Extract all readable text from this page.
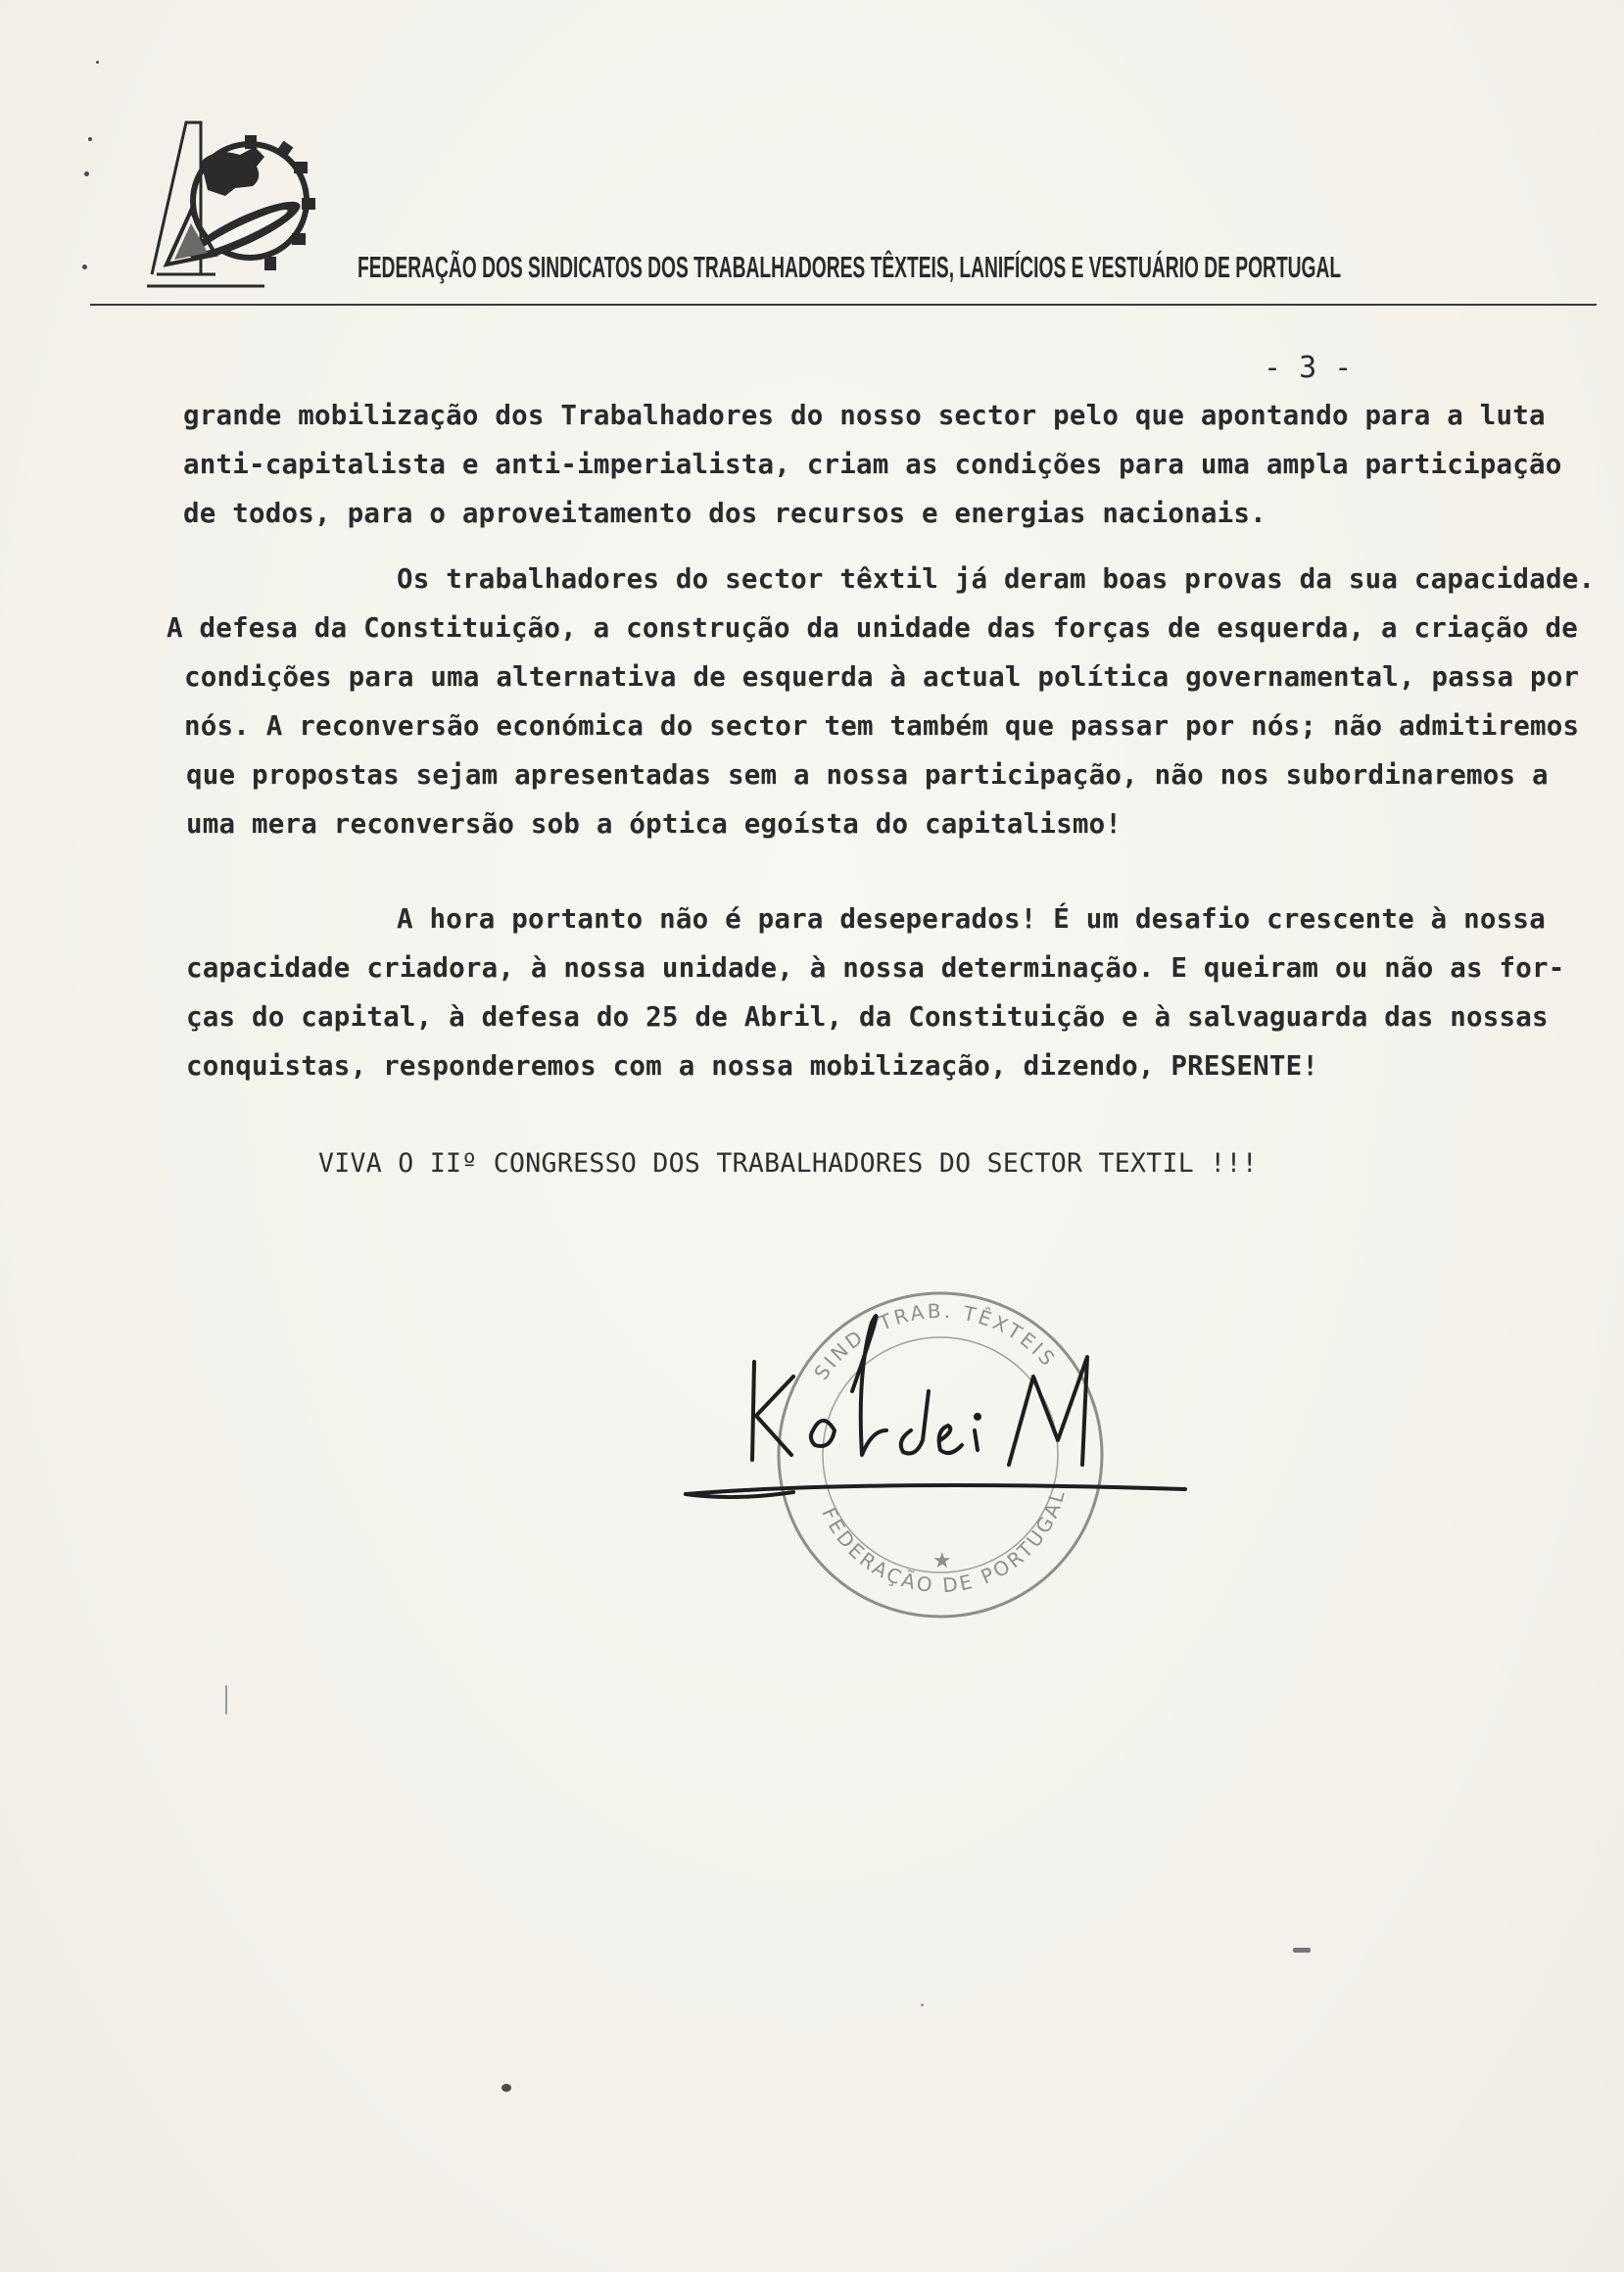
FEDERAÇÃO DOS SINDICATOS DOS TRABALHADORES TÊXTEIS, LANIFÍCIOS E VESTUÁRIO DE PORTUGAL
- 3 -
grande mobilização dos Trabalhadores do nosso sector pelo que apontando para a luta
anti-capitalista e anti-imperialista, criam as condições para uma ampla participação
de todos, para o aproveitamento dos recursos e energias nacionais.
Os trabalhadores do sector têxtil já deram boas provas da sua capacidade.
A defesa da Constituição, a construção da unidade das forças de esquerda, a criação de
condições para uma alternativa de esquerda à actual política governamental, passa por
nós. A reconversão económica do sector tem também que passar por nós; não admitiremos
que propostas sejam apresentadas sem a nossa participação, não nos subordinaremos a
uma mera reconversão sob a óptica egoísta do capitalismo!
A hora portanto não é para deseperados! É um desafio crescente à nossa
capacidade criadora, à nossa unidade, à nossa determinação. E queiram ou não as for-
ças do capital, à defesa do 25 de Abril, da Constituição e à salvaguarda das nossas
conquistas, responderemos com a nossa mobilização, dizendo, PRESENTE!
VIVA O IIº CONGRESSO DOS TRABALHADORES DO SECTOR TEXTIL !!!
SIND. TRAB. TÊXTEIS
FEDERAÇÃO DE PORTUGAL
★
